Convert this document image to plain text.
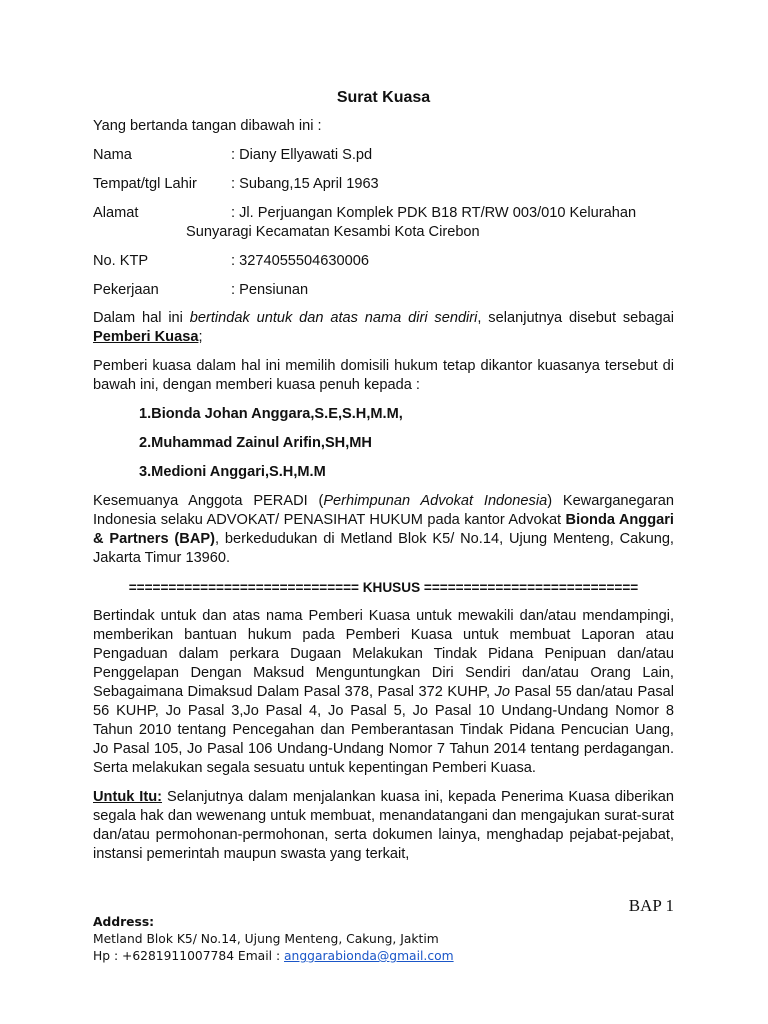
Surat Kuasa

Yang bertanda tangan dibawah ini :

Nama	: Diany Ellyawati S.pd
Tempat/tgl Lahir	: Subang,15 April 1963
Alamat	: Jl. Perjuangan Komplek PDK B18 RT/RW 003/010 Kelurahan
Sunyaragi Kecamatan Kesambi Kota Cirebon
No. KTP	: 3274055504630006
Pekerjaan	: Pensiunan

Dalam hal ini bertindak untuk dan atas nama diri sendiri, selanjutnya disebut sebagai Pemberi Kuasa;

Pemberi kuasa dalam hal ini memilih domisili hukum tetap dikantor kuasanya tersebut di bawah ini, dengan memberi kuasa penuh kepada :

1.Bionda Johan Anggara,S.E,S.H,M.M,
2.Muhammad Zainul Arifin,SH,MH
3.Medioni Anggari,S.H,M.M

Kesemuanya Anggota PERADI (Perhimpunan Advokat Indonesia) Kewarganegaran Indonesia selaku ADVOKAT/ PENASIHAT HUKUM pada kantor Advokat Bionda Anggari & Partners (BAP), berkedudukan di Metland Blok K5/ No.14, Ujung Menteng, Cakung, Jakarta Timur 13960.

============================= KHUSUS ===========================

Bertindak untuk dan atas nama Pemberi Kuasa untuk mewakili dan/atau mendampingi, memberikan bantuan hukum pada Pemberi Kuasa untuk membuat Laporan atau Pengaduan dalam perkara Dugaan Melakukan Tindak Pidana Penipuan dan/atau Penggelapan Dengan Maksud Menguntungkan Diri Sendiri dan/atau Orang Lain, Sebagaimana Dimaksud Dalam Pasal 378, Pasal 372 KUHP, Jo Pasal 55 dan/atau Pasal 56 KUHP, Jo Pasal 3,Jo Pasal 4, Jo Pasal 5, Jo Pasal 10 Undang-Undang Nomor 8 Tahun 2010 tentang Pencegahan dan Pemberantasan Tindak Pidana Pencucian Uang, Jo Pasal 105, Jo Pasal 106 Undang-Undang Nomor 7 Tahun 2014 tentang perdagangan. Serta melakukan segala sesuatu untuk kepentingan Pemberi Kuasa.

Untuk Itu: Selanjutnya dalam menjalankan kuasa ini, kepada Penerima Kuasa diberikan segala hak dan wewenang untuk membuat, menandatangani dan mengajukan surat-surat dan/atau permohonan-permohonan, serta dokumen lainya, menghadap pejabat-pejabat, instansi pemerintah maupun swasta yang terkait,

BAP 1
Address:
Metland Blok K5/ No.14, Ujung Menteng, Cakung, Jaktim
Hp : +6281911007784 Email : anggarabionda@gmail.com
